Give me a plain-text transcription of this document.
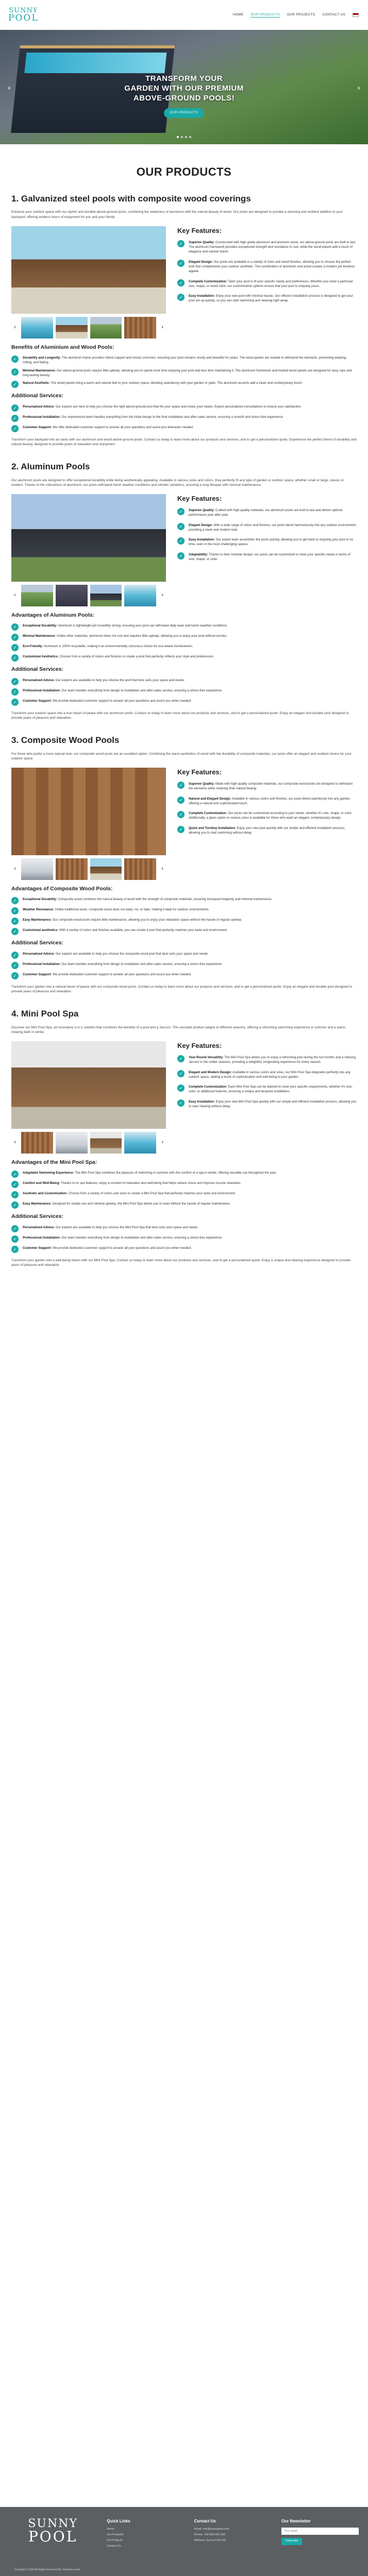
SUNNY
POOL	HOME OUR PRODUCTS OUR PROJECTS CONTACT US
‹	›
TRANSFORM YOUR
GARDEN WITH OUR PREMIUM
ABOVE-GROUND POOLS!
OUR PRODUCTS
OUR PRODUCTS
1. Galvanized steel pools with composite wood coverings

Enhance your outdoor space with our stylish and durable above-ground pools, combining the sleekness of aluminum with the natural beauty of wood. Our pools are designed to provide a stunning and resilient addition to your backyard, offering endless hours of enjoyment for you and your family.

‹	›
Key Features:
✓	Superior Quality: Constructed with high-grade aluminum and premium wood, our above-ground pools are built to last. The aluminum framework provides exceptional strength and resistance to rust, while the wood panels add a touch of elegance and natural charm.

✓	Elegant Design: Our pools are available in a variety of sizes and wood finishes, allowing you to choose the perfect look that complements your outdoor aesthetic. The combination of aluminum and wood creates a modern yet timeless appeal.

✓	Complete Customization: Tailor your pool to fit your specific needs and preferences. Whether you need a particular size, shape, or wood color, our customization options ensure that your pool is uniquely yours.

✓	Easy Installation: Enjoy your new pool with minimal hassle. Our efficient installation process is designed to get your pool set up quickly, so you can start swimming and relaxing right away.

Benefits of Aluminium and Wood Pools:
✓	Durability and Longevity: The aluminum frame provides robust support and resists corrosion, ensuring your pool remains sturdy and beautiful for years. The wood panels are treated to withstand the elements, preventing warping, rotting, and fading.

✓	Minimal Maintenance: Our above-ground pools require little upkeep, allowing you to spend more time enjoying your pool and less time maintaining it. The aluminum framework and treated wood panels are designed for easy care and long-lasting beauty.

✓	Natural Aesthetic: The wood panels bring a warm and natural feel to your outdoor space, blending seamlessly with your garden or patio. The aluminum accents add a clean and contemporary touch.

Additional Services:
✓	Personalized Advice: Our experts are here to help you choose the right above-ground pool that fits your space and meets your needs. Expect personalized consultations to ensure your satisfaction.

✓	Professional Installation: Our experienced team handles everything from the initial design to the final installation and after-sales service, ensuring a smooth and stress-free experience.

✓	Customer Support: We offer dedicated customer support to answer all your questions and assist you whenever needed.

Transform your backyard into an oasis with our aluminum and wood above-ground pools. Contact us today to learn more about our products and services, and to get a personalized quote. Experience the perfect blend of durability and natural beauty, designed to provide years of relaxation and enjoyment.

2. Aluminum Pools

Our aluminum pools are designed to offer exceptional durability while being aesthetically appealing. Available in various sizes and colors, they perfectly fit any type of garden or outdoor space, whether small or large, classic or modern. Thanks to the robustness of aluminum, our pools withstand harsh weather conditions and climatic variations, ensuring a long lifespan with minimal maintenance.

‹	›
Key Features:
✓	Superior Quality: Crafted with high-quality materials, our aluminum pools are built to last and deliver optimal performance year after year.

✓	Elegant Design: With a wide range of colors and finishes, our pools blend harmoniously into any outdoor environment, providing a sleek and modern look.

✓	Easy Installation: Our expert team assembles the pools quickly, allowing you to get back to enjoying your pool in no time, even in the most challenging spaces.

✓	Adaptability: Thanks to their modular design, our pools can be customized to meet your specific needs in terms of size, shape, or color.

Advantages of Aluminum Pools:
✓	Exceptional Durability: Aluminum is lightweight yet incredibly strong, ensuring your pool can withstand daily wear and harsh weather conditions.

✓	Minimal Maintenance: Unlike other materials, aluminum does not rust and requires little upkeep, allowing you to enjoy your pool without worries.

✓	Eco-Friendly: Aluminum is 100% recyclable, making it an environmentally conscious choice for eco-aware homeowners.

✓	Customized Aesthetics: Choose from a variety of colors and finishes to create a pool that perfectly reflects your style and preferences.

Additional Services:
✓	Personalized Advice: Our experts are available to help you choose the pool that best suits your space and needs.

✓	Professional Installation: Our team handles everything from design to installation and after-sales service, ensuring a stress-free experience.

✓	Customer Support: We provide dedicated customer support to answer all your questions and assist you when needed.

Transform your outdoor space into a true haven of peace with our aluminum pools. Contact us today to learn more about our products and services, and to get a personalized quote. Enjoy an elegant and durable pool designed to provide years of pleasure and relaxation.

3. Composite Wood Pools

For those who prefer a more natural look, our composite wood pools are an excellent option. Combining the warm aesthetics of wood with the durability of composite materials, our pools offer an elegant and resilient choice for your outdoor space.

‹	›
Key Features:
✓	Superior Quality: Made with high-quality composite materials, our composite wood pools are designed to withstand the elements while retaining their natural beauty.

✓	Natural and Elegant Design: Available in various colors and finishes, our pools blend seamlessly into any garden, offering a natural and sophisticated touch.

✓	Complete Customization: Our pools can be customized according to your needs, whether it's size, shape, or color. Additionally, a glass option in various sizes is available for those who want an elegant, contemporary design.

✓	Quick and Turnkey Installation: Enjoy your new pool quickly with our simple and efficient installation process, allowing you to start swimming without delay.

Advantages of Composite Wood Pools:
✓	Exceptional Durability: Composite wood combines the natural beauty of wood with the strength of composite materials, ensuring increased longevity and minimal maintenance.

✓	Weather Resistance: Unlike traditional wood, composite wood does not warp, rot, or fade, making it ideal for outdoor environments.

✓	Easy Maintenance: Our composite wood pools require little maintenance, allowing you to enjoy your relaxation space without the hassle of regular upkeep.

✓	Customized aesthetics: With a variety of colors and finishes available, you can create a pool that perfectly matches your taste and environment.

Additional Services:
✓	Personalized Advice: Our experts are available to help you choose the composite wood pool that best suits your space and needs.

✓	Professional Installation: Our team handles everything from design to installation and after-sales service, ensuring a stress-free experience.

✓	Customer Support: We provide dedicated customer support to answer all your questions and assist you when needed.

Transform your garden into a natural haven of peace with our composite wood pools. Contact us today to learn more about our products and services, and to get a personalized quote. Enjoy an elegant and durable pool designed to provide years of pleasure and relaxation.

4. Mini Pool Spa

Discover our Mini Pool Spa, an innovative 2-in-1 solution that combines the benefits of a pool and a Jacuzzi. This versatile product adapts to different seasons, offering a refreshing swimming experience in summer and a warm, relaxing bath in winter.

‹	›
Key Features:
✓	Year-Round Versatility: The Mini Pool Spa allows you to enjoy a refreshing pool during the hot months and a relaxing Jacuzzi in the colder seasons, providing a delightful, invigorating experience for every season.

✓	Elegant and Modern Design: Available in various colors and sizes, our Mini Pool Spa integrates perfectly into any outdoor space, adding a touch of sophistication and well-being to your garden.

✓	Complete Customization: Each Mini Pool Spa can be tailored to meet your specific requirements, whether it's size, color, or additional features, ensuring a unique and bespoke installation.

✓	Easy Installation: Enjoy your new Mini Pool Spa quickly with our simple and efficient installation process, allowing you to start relaxing without delay.

Advantages of the Mini Pool Spa:
✓	Adaptable Swimming Experience: The Mini Pool Spa combines the pleasure of swimming in summer with the comfort of a spa in winter, offering versatile use throughout the year.

✓	Comfort and Well-Being: Thanks to its spa features, enjoy a moment of relaxation and well-being that helps reduce stress and improve muscle relaxation.

✓	Aesthetic and Customization: Choose from a variety of colors and sizes to create a Mini Pool Spa that perfectly matches your taste and environment.

✓	Easy Maintenance: Designed for simple use and minimal upkeep, the Mini Pool Spa allows you to relax without the hassle of regular maintenance.

Additional Services:
✓	Personalized Advice: Our experts are available to help you choose the Mini Pool Spa that best suits your space and needs.

✓	Professional Installation: Our team handles everything from design to installation and after-sales service, ensuring a stress-free experience.

✓	Customer Support: We provide dedicated customer support to answer all your questions and assist you when needed.

Transform your garden into a well-being haven with our Mini Pool Spa. Contact us today to learn more about our products and services, and to get a personalized quote. Enjoy a unique and relaxing experience designed to provide years of pleasure and relaxation.

SUNNY
POOL
Quick Links
Home
Our Products
Our Projects
Contact Us
Contact Us
Email: info@sunnypool.com
Phone: +00 000 000 000
Address: Sunny Pool HQ
Our Newsletter
Your email Subscribe
Copyright © 2024 All Rights Reserved By Company name
